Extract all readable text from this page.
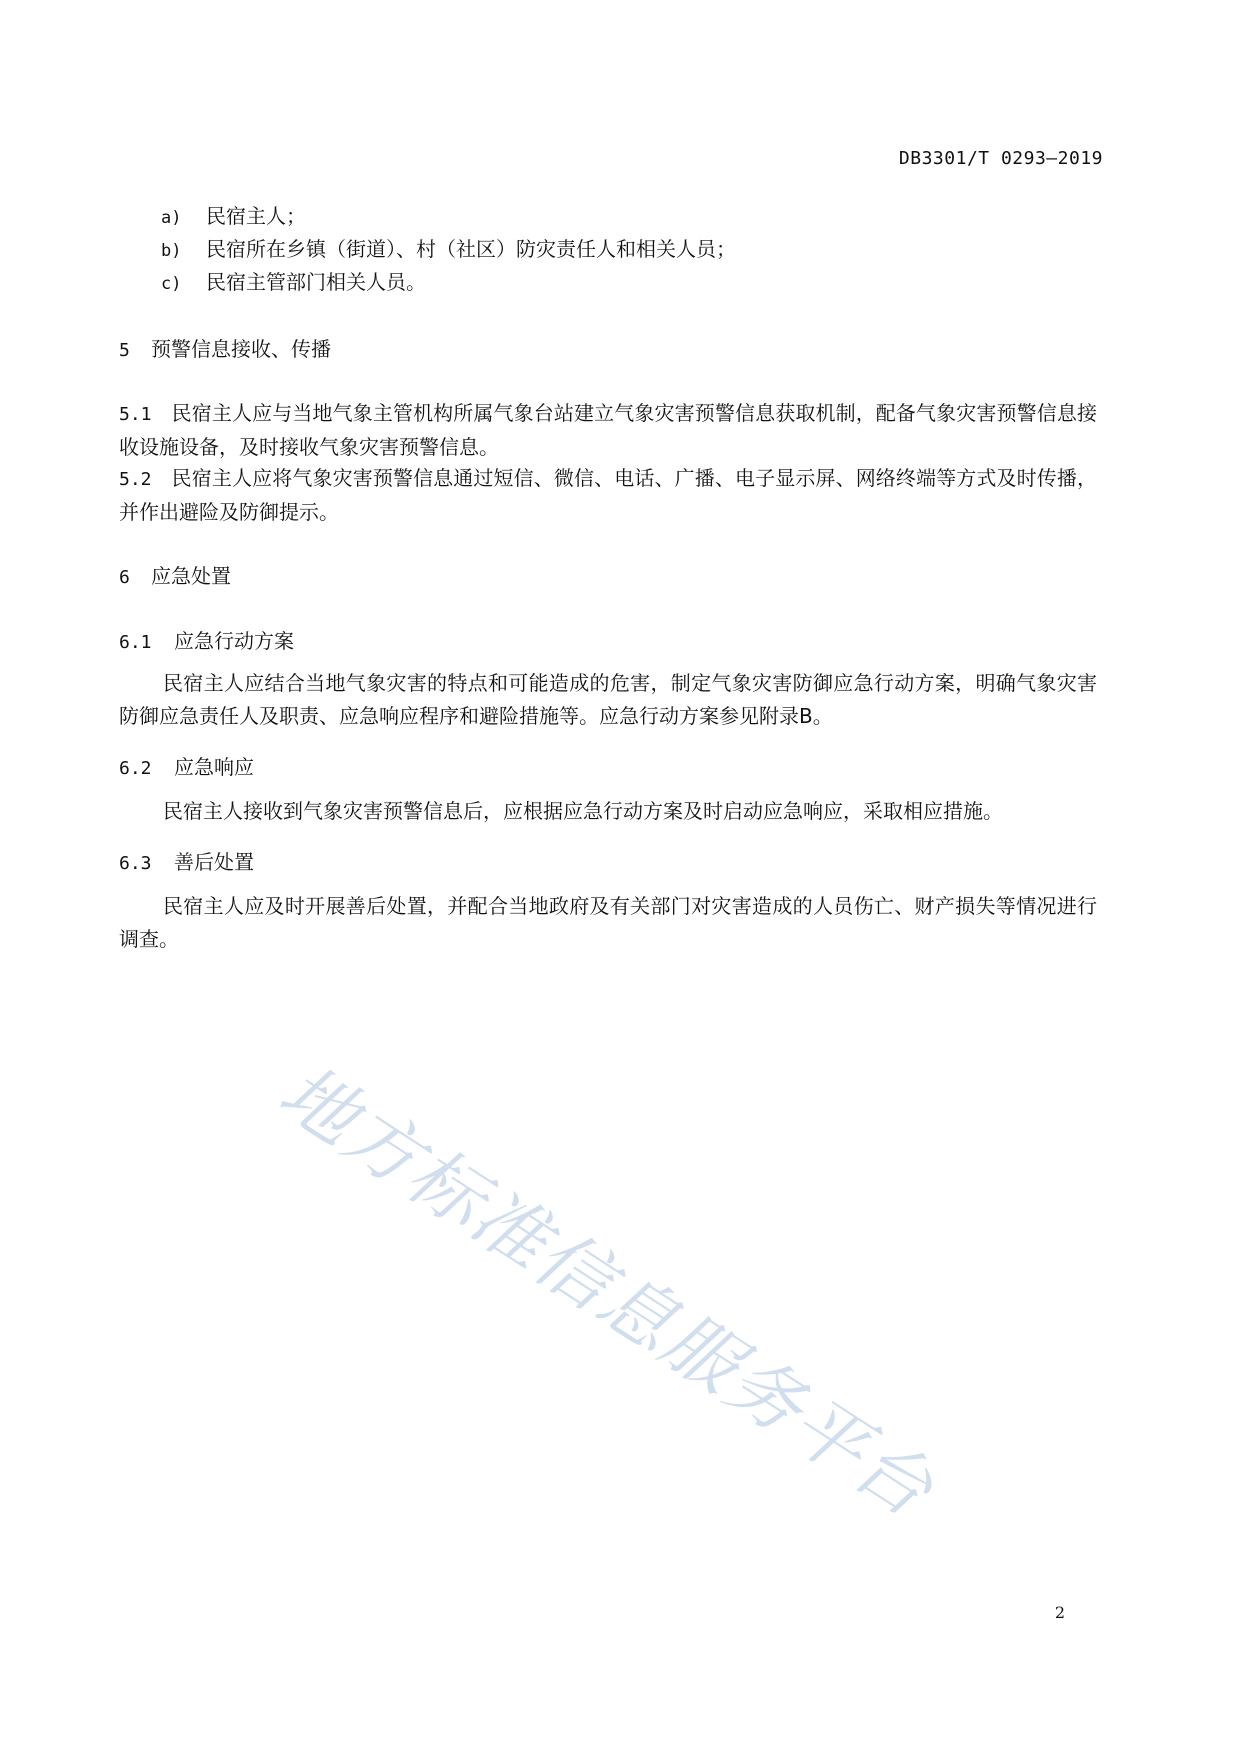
DB3301/T 0293—2019
a) 民宿主人；
b) 民宿所在乡镇（街道）、村（社区）防灾责任人和相关人员；
c) 民宿主管部门相关人员。
5 预警信息接收、传播
5.1 民宿主人应与当地气象主管机构所属气象台站建立气象灾害预警信息获取机制，配备气象灾害预警信息接收设施设备，及时接收气象灾害预警信息。
5.2 民宿主人应将气象灾害预警信息通过短信、微信、电话、广播、电子显示屏、网络终端等方式及时传播，并作出避险及防御提示。
6 应急处置
6.1 应急行动方案
民宿主人应结合当地气象灾害的特点和可能造成的危害，制定气象灾害防御应急行动方案，明确气象灾害防御应急责任人及职责、应急响应程序和避险措施等。应急行动方案参见附录B。
6.2 应急响应
民宿主人接收到气象灾害预警信息后，应根据应急行动方案及时启动应急响应，采取相应措施。
6.3 善后处置
民宿主人应及时开展善后处置，并配合当地政府及有关部门对灾害造成的人员伤亡、财产损失等情况进行调查。
地方标准信息服务平台
2
